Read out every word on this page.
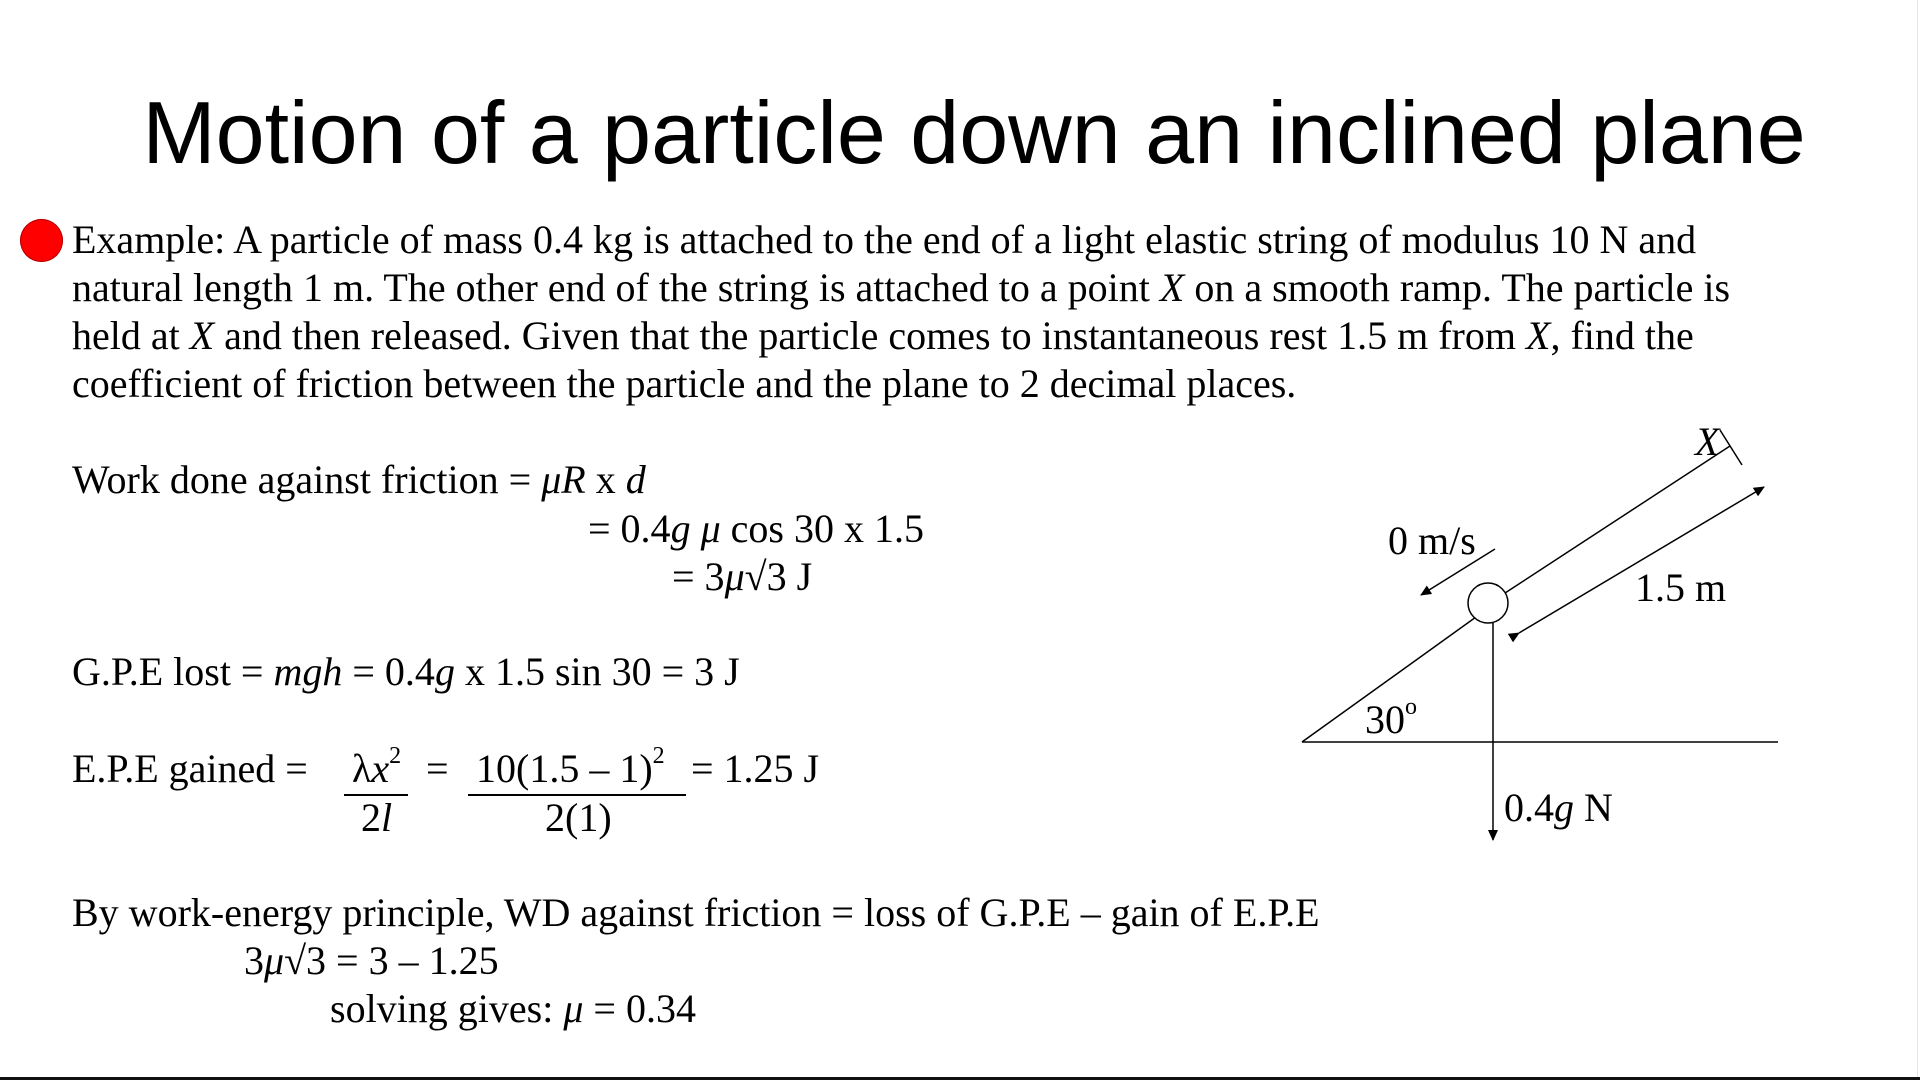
Motion of a particle down an inclined plane
Example: A particle of mass 0.4 kg is attached to the end of a light elastic string of modulus 10 N and
natural length 1 m. The other end of the string is attached to a point X on a smooth ramp. The particle is
held at X and then released. Given that the particle comes to instantaneous rest 1.5 m from X, find the
coefficient of friction between the particle and the plane to 2 decimal places.
Work done against friction = μR x d
= 0.4g μ cos 30 x 1.5
= 3μ√3 J
G.P.E lost = mgh = 0.4g x 1.5 sin 30 = 3 J
E.P.E gained = $\lambda x^2$
2l
= 10(1.5 – 1)$^2$
2(1)
= 1.25 J
By work-energy principle, WD against friction = loss of G.P.E – gain of E.P.E
3μ√3 = 3 – 1.25
solving gives: μ = 0.34
X
0 m/s
1.5 m
30$^o$
0.4g N
